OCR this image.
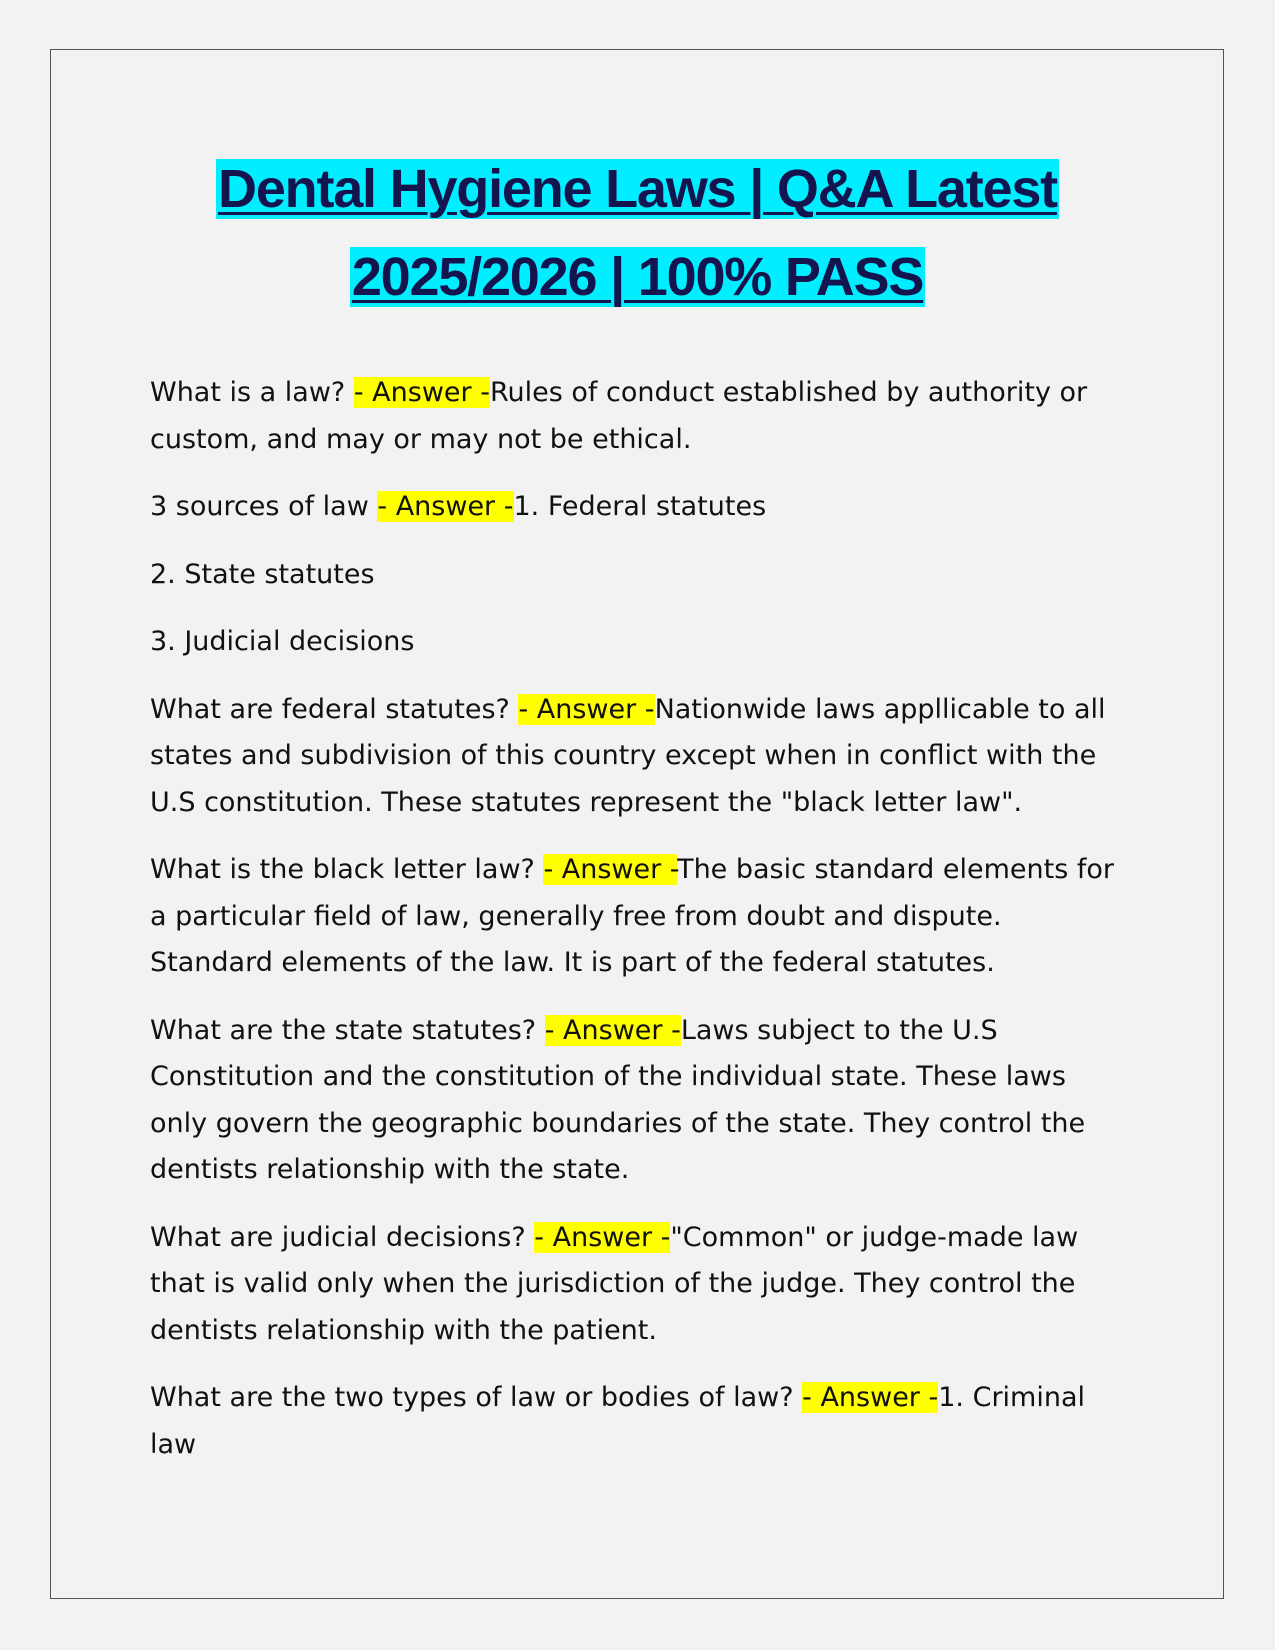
Dental Hygiene Laws | Q&A Latest
2025/2026 | 100% PASS

What is a law? - Answer -Rules of conduct established by authority or custom, and may or may not be ethical.

3 sources of law - Answer -1. Federal statutes

2. State statutes

3. Judicial decisions

What are federal statutes? - Answer -Nationwide laws appllicable to all states and subdivision of this country except when in conflict with the U.S constitution. These statutes represent the "black letter law".

What is the black letter law? - Answer -The basic standard elements for a particular field of law, generally free from doubt and dispute. Standard elements of the law. It is part of the federal statutes.

What are the state statutes? - Answer -Laws subject to the U.S Constitution and the constitution of the individual state. These laws only govern the geographic boundaries of the state. They control the dentists relationship with the state.

What are judicial decisions? - Answer -"Common" or judge-made law that is valid only when the jurisdiction of the judge. They control the dentists relationship with the patient.

What are the two types of law or bodies of law? - Answer -1. Criminal law
